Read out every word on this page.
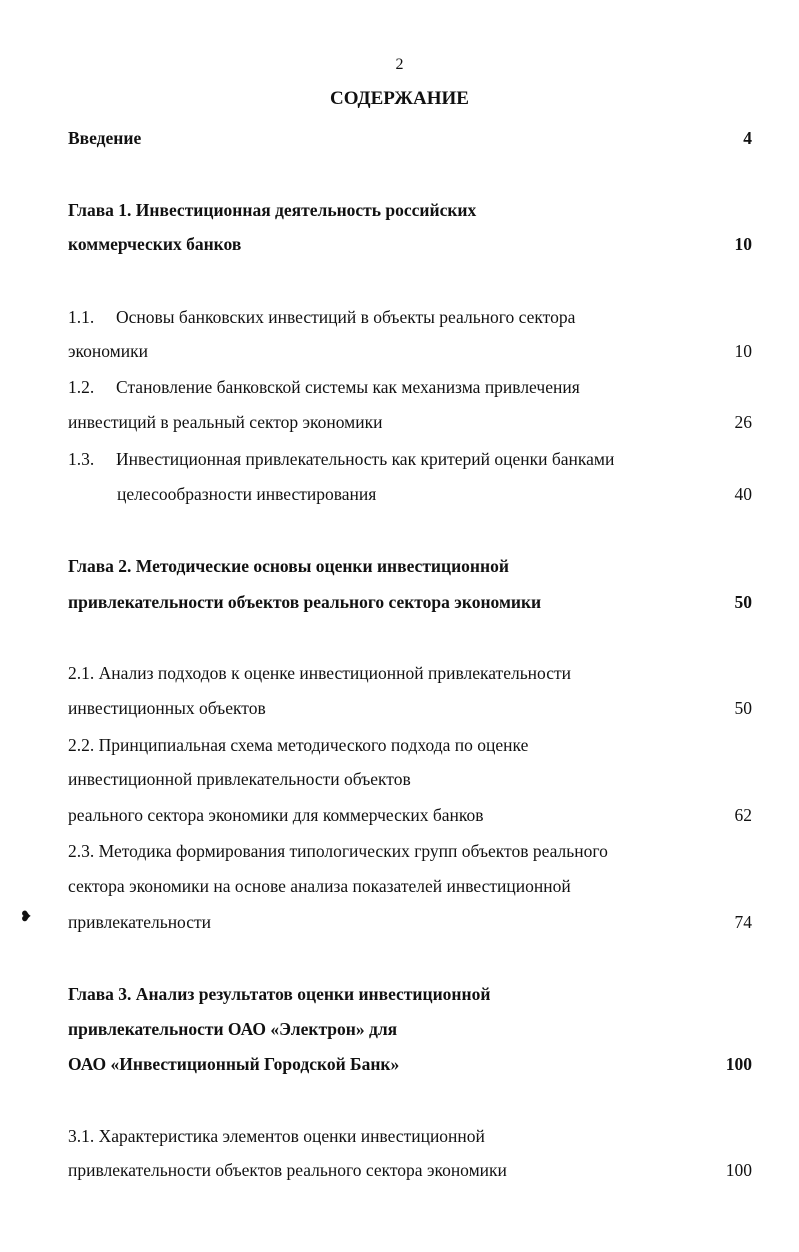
2
СОДЕРЖАНИЕ
Введение	4
Глава 1. Инвестиционная деятельность российских
коммерческих банков	10
1.1. Основы банковских инвестиций в объекты реального сектора
экономики	10
1.2. Становление банковской системы как механизма привлечения
инвестиций в реальный сектор экономики	26
1.3. Инвестиционная привлекательность как критерий оценки банками
целесообразности инвестирования	40
Глава 2. Методические основы оценки инвестиционной
привлекательности объектов реального сектора экономики	50
2.1. Анализ подходов к оценке инвестиционной привлекательности
инвестиционных объектов	50
2.2. Принципиальная схема методического подхода по оценке
инвестиционной привлекательности объектов
реального сектора экономики для коммерческих банков	62
2.3. Методика формирования типологических групп объектов реального
сектора экономики на основе анализа показателей инвестиционной
привлекательности	74
Глава 3. Анализ результатов оценки инвестиционной
привлекательности ОАО «Электрон» для
ОАО «Инвестиционный Городской Банк»	100
3.1. Характеристика элементов оценки инвестиционной
привлекательности объектов реального сектора экономики	100
❥
